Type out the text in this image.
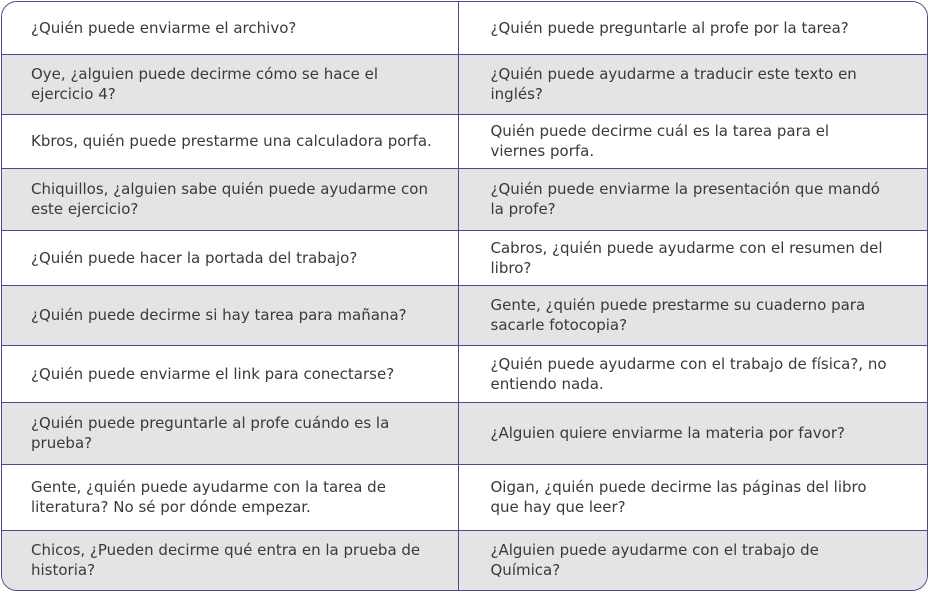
¿Quién puede enviarme el archivo?	¿Quién puede preguntarle al profe por la tarea?
Oye, ¿alguien puede decirme cómo se hace el ejercicio 4?	¿Quién puede ayudarme a traducir este texto en inglés?
Kbros, quién puede prestarme una calculadora porfa.	Quién puede decirme cuál es la tarea para el viernes porfa.
Chiquillos, ¿alguien sabe quién puede ayudarme con este ejercicio?	¿Quién puede enviarme la presentación que mandó la profe?
¿Quién puede hacer la portada del trabajo?	Cabros, ¿quién puede ayudarme con el resumen del libro?
¿Quién puede decirme si hay tarea para mañana?	Gente, ¿quién puede prestarme su cuaderno para sacarle fotocopia?
¿Quién puede enviarme el link para conectarse?	¿Quién puede ayudarme con el trabajo de física?, no entiendo nada.
¿Quién puede preguntarle al profe cuándo es la prueba?	¿Alguien quiere enviarme la materia por favor?
Gente, ¿quién puede ayudarme con la tarea de literatura? No sé por dónde empezar.	Oigan, ¿quién puede decirme las páginas del libro que hay que leer?
Chicos, ¿Pueden decirme qué entra en la prueba de historia?	¿Alguien puede ayudarme con el trabajo de Química?
